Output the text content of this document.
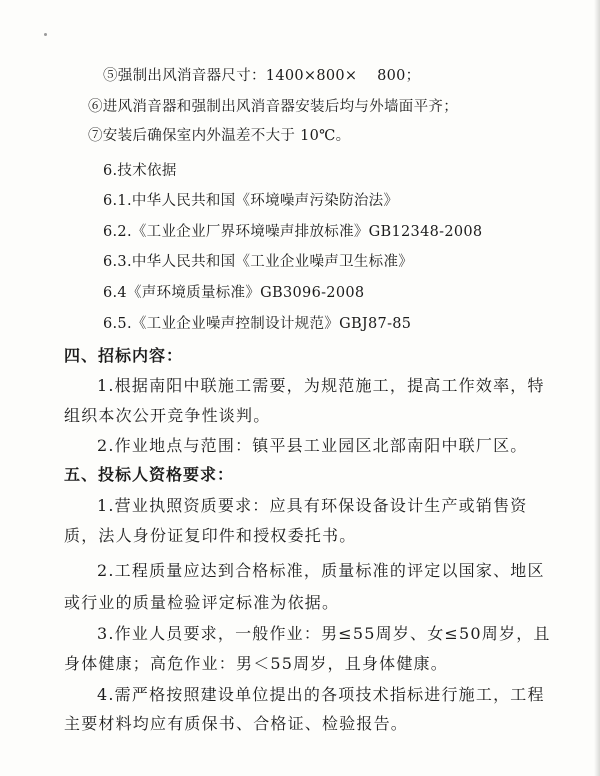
⑤强制出风消音器尺寸：1400×800×　 800；
⑥进风消音器和强制出风消音器安装后均与外墙面平齐；
⑦安装后确保室内外温差不大于 10℃。
6.技术依据
6.1.中华人民共和国《环境噪声污染防治法》
6.2.《工业企业厂界环境噪声排放标准》GB12348-2008
6.3.中华人民共和国《工业企业噪声卫生标准》
6.4《声环境质量标准》GB3096-2008
6.5.《工业企业噪声控制设计规范》GBJ87-85
四、招标内容：
1.根据南阳中联施工需要，为规范施工，提高工作效率，特
组织本次公开竞争性谈判。
2.作业地点与范围：镇平县工业园区北部南阳中联厂区。
五、投标人资格要求：
1.营业执照资质要求：应具有环保设备设计生产或销售资
质，法人身份证复印件和授权委托书。
2.工程质量应达到合格标准，质量标准的评定以国家、地区
或行业的质量检验评定标准为依据。
3.作业人员要求，一般作业：男≤55周岁、女≤50周岁，且
身体健康；高危作业：男＜55周岁，且身体健康。
4.需严格按照建设单位提出的各项技术指标进行施工，工程
主要材料均应有质保书、合格证、检验报告。
